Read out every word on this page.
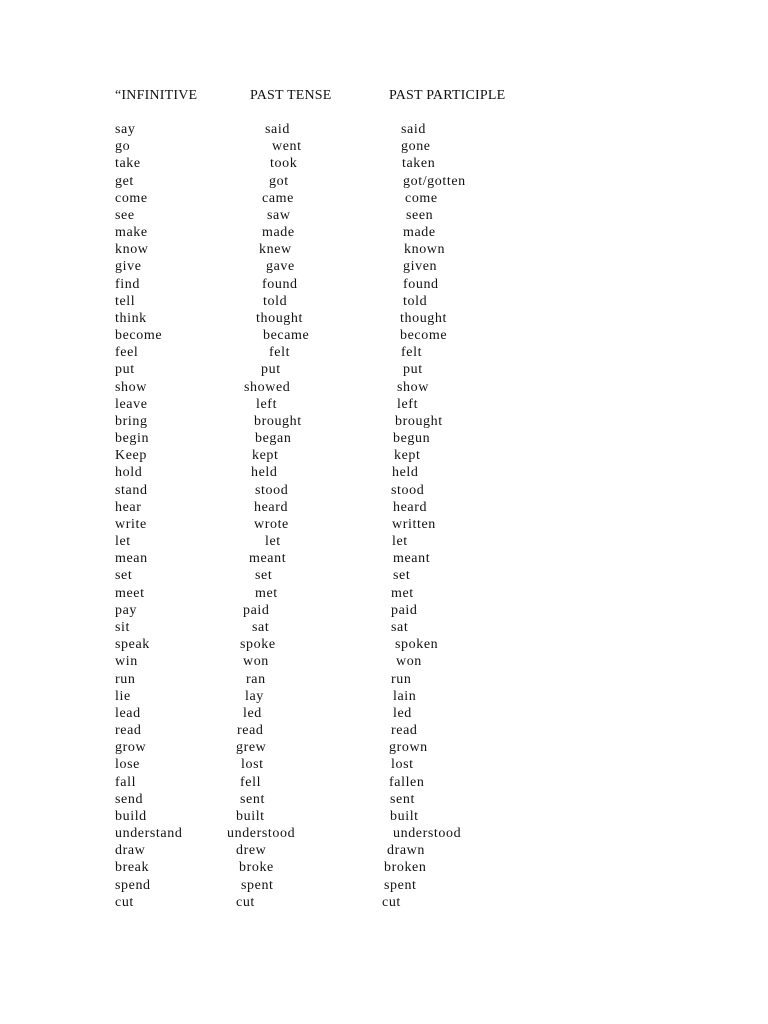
“INFINITIVE	PAST TENSE	PAST PARTICIPLE
say	said	said
go	went	gone
take	took	taken
get	got	got/gotten
come	came	come
see	saw	seen
make	made	made
know	knew	known
give	gave	given
find	found	found
tell	told	told
think	thought	thought
become	became	become
feel	felt	felt
put	put	put
show	showed	show
leave	left	left
bring	brought	brought
begin	began	begun
Keep	kept	kept
hold	held	held
stand	stood	stood
hear	heard	heard
write	wrote	written
let	let	let
mean	meant	meant
set	set	set
meet	met	met
pay	paid	paid
sit	sat	sat
speak	spoke	spoken
win	won	won
run	ran	run
lie	lay	lain
lead	led	led
read	read	read
grow	grew	grown
lose	lost	lost
fall	fell	fallen
send	sent	sent
build	built	built
understand	understood	understood
draw	drew	drawn
break	broke	broken
spend	spent	spent
cut	cut	cut
